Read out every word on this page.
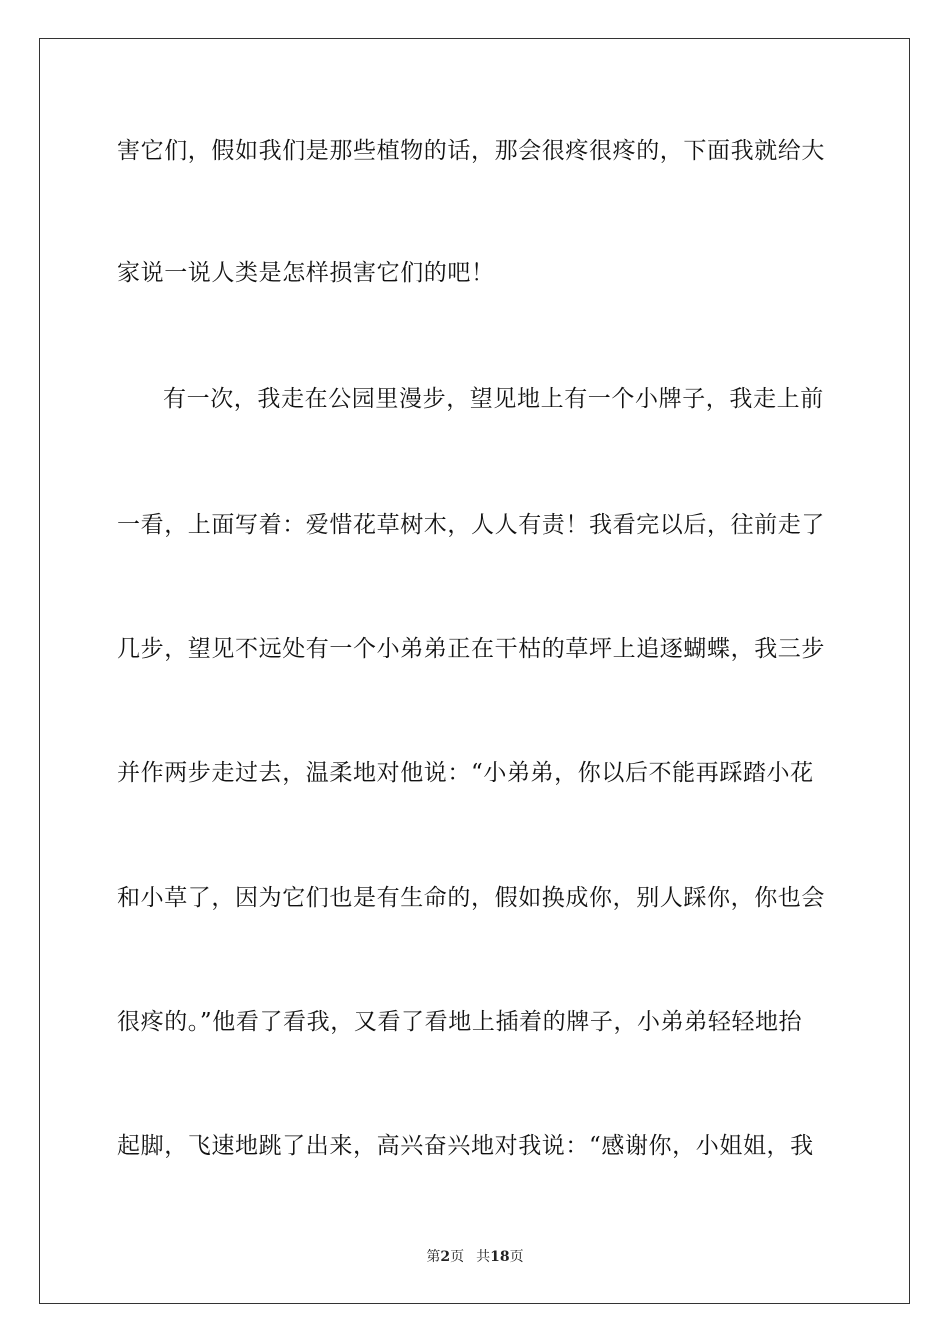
害它们，假如我们是那些植物的话，那会很疼很疼的，下面我就给大
家说一说人类是怎样损害它们的吧！
有一次，我走在公园里漫步，望见地上有一个小牌子，我走上前
一看，上面写着：爱惜花草树木，人人有责！我看完以后，往前走了
几步，望见不远处有一个小弟弟正在干枯的草坪上追逐蝴蝶，我三步
并作两步走过去，温柔地对他说：“小弟弟，你以后不能再踩踏小花
和小草了，因为它们也是有生命的，假如换成你，别人踩你，你也会
很疼的。”他看了看我，又看了看地上插着的牌子，小弟弟轻轻地抬
起脚，飞速地跳了出来，高兴奋兴地对我说：“感谢你，小姐姐，我
第2页 共18页
